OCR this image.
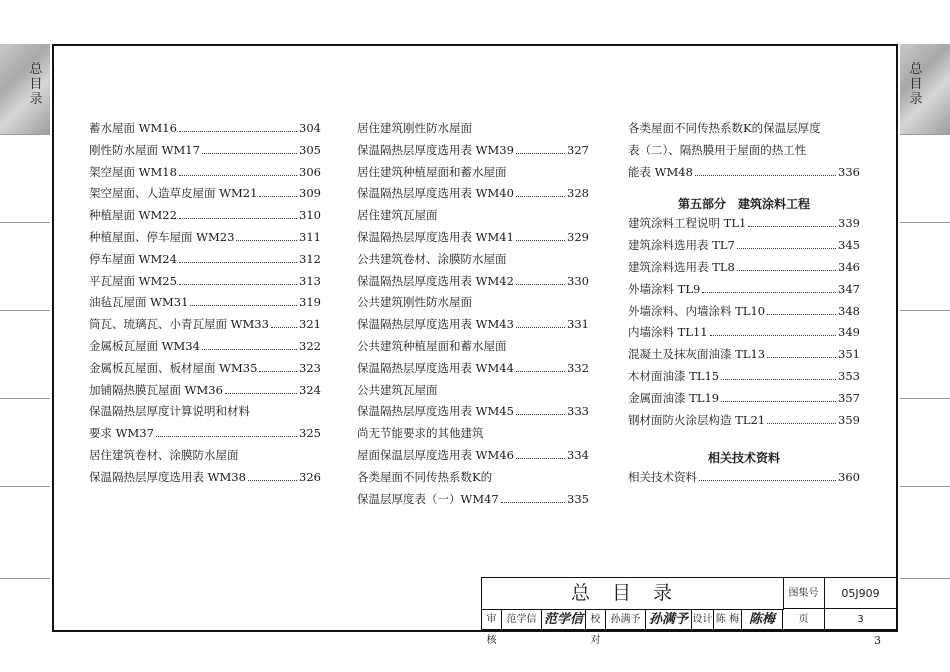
总目录
总目录
蓄水屋面 WM16	304
刚性防水屋面 WM17	305
架空屋面 WM18	306
架空屋面、人造草皮屋面 WM21	309
种植屋面 WM22	310
种植屋面、停车屋面 WM23	311
停车屋面 WM24	312
平瓦屋面 WM25	313
油毡瓦屋面 WM31	319
筒瓦、琉璃瓦、小青瓦屋面 WM33	321
金属板瓦屋面 WM34	322
金属板瓦屋面、板材屋面 WM35	323
加铺隔热膜瓦屋面 WM36	324
保温隔热层厚度计算说明和材料
要求 WM37	325
居住建筑卷材、涂膜防水屋面
保温隔热层厚度选用表 WM38	326
居住建筑刚性防水屋面
保温隔热层厚度选用表 WM39	327
居住建筑种植屋面和蓄水屋面
保温隔热层厚度选用表 WM40	328
居住建筑瓦屋面
保温隔热层厚度选用表 WM41	329
公共建筑卷材、涂膜防水屋面
保温隔热层厚度选用表 WM42	330
公共建筑刚性防水屋面
保温隔热层厚度选用表 WM43	331
公共建筑种植屋面和蓄水屋面
保温隔热层厚度选用表 WM44	332
公共建筑瓦屋面
保温隔热层厚度选用表 WM45	333
尚无节能要求的其他建筑
屋面保温层厚度选用表 WM46	334
各类屋面不同传热系数K的
保温层厚度表（一）WM47	335
各类屋面不同传热系数K的保温层厚度
表（二）、隔热膜用于屋面的热工性
能表 WM48	336
第五部分　建筑涂料工程
建筑涂料工程说明 TL1	339
建筑涂料选用表 TL7	345
建筑涂料选用表 TL8	346
外墙涂料 TL9	347
外墙涂料、内墙涂料 TL10	348
内墙涂料 TL11	349
混凝土及抹灰面油漆 TL13	351
木材面油漆 TL15	353
金属面油漆 TL19	357
钢材面防火涂层构造 TL21	359
相关技术资料
相关技术资料	360
总目录	图集号	05J909
审核
范学信 范学信 校对
孙满予 孙满予 设计 陈 梅 陈梅	页	3
3
